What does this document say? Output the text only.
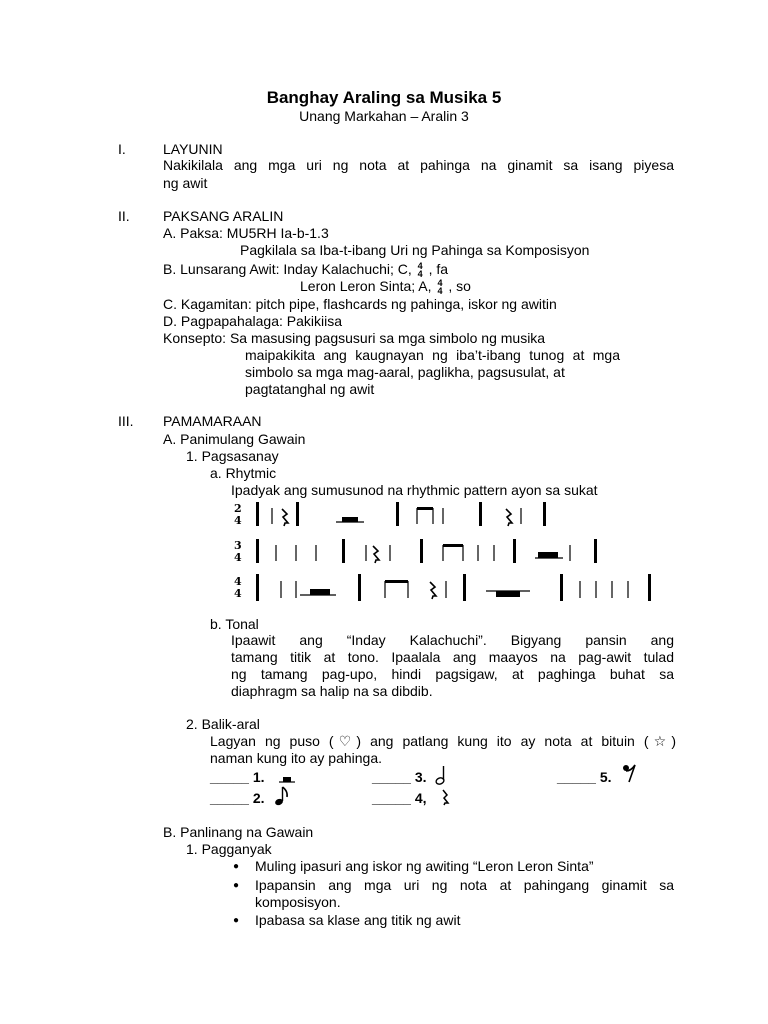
Banghay Araling sa Musika 5
Unang Markahan – Aralin 3
I.	LAYUNIN
Nakikilala ang mga uri ng nota at pahinga na ginamit sa isang piyesa
ng awit
II. PAKSANG ARALIN
A. Paksa: MU5RH Ia-b-1.3
Pagkilala sa Iba-t-ibang Uri ng Pahinga sa Komposisyon
B. Lunsarang Awit: Inday Kalachuchi; C, 4
4 , fa
Leron Leron Sinta; A, 4
4 , so
C. Kagamitan: pitch pipe, flashcards ng pahinga, iskor ng awitin
D. Pagpapahalaga: Pakikiisa
Konsepto: Sa masusing pagsusuri sa mga simbolo ng musika
maipakikita ang kaugnayan ng iba’t-ibang tunog at mga
simbolo sa mga mag-aaral, paglikha, pagsusulat, at
pagtatanghal ng awit
III. PAMAMARAAN
A. Panimulang Gawain
1. Pagsasanay
a. Rhytmic
Ipadyak ang sumusunod na rhythmic pattern ayon sa sukat
2
4
3
4
4
4
b. Tonal
Ipaawit ang “Inday Kalachuchi”. Bigyang pansin ang
tamang titik at tono. Ipaalala ang maayos na pag-awit tulad
ng tamang pag-upo, hindi pagsigaw, at paghinga buhat sa
diaphragm sa halip na sa dibdib.
2. Balik-aral
Lagyan ng puso (♡) ang patlang kung ito ay nota at bituin (☆)
naman kung ito ay pahinga.
_____ 1.
_____ 2.
_____ 3.
_____ 4,
_____ 5.
B. Panlinang na Gawain
1. Pagganyak
● Muling ipasuri ang iskor ng awiting “Leron Leron Sinta”
● Ipapansin ang mga uri ng nota at pahingang ginamit sa
komposisyon.
● Ipabasa sa klase ang titik ng awit
